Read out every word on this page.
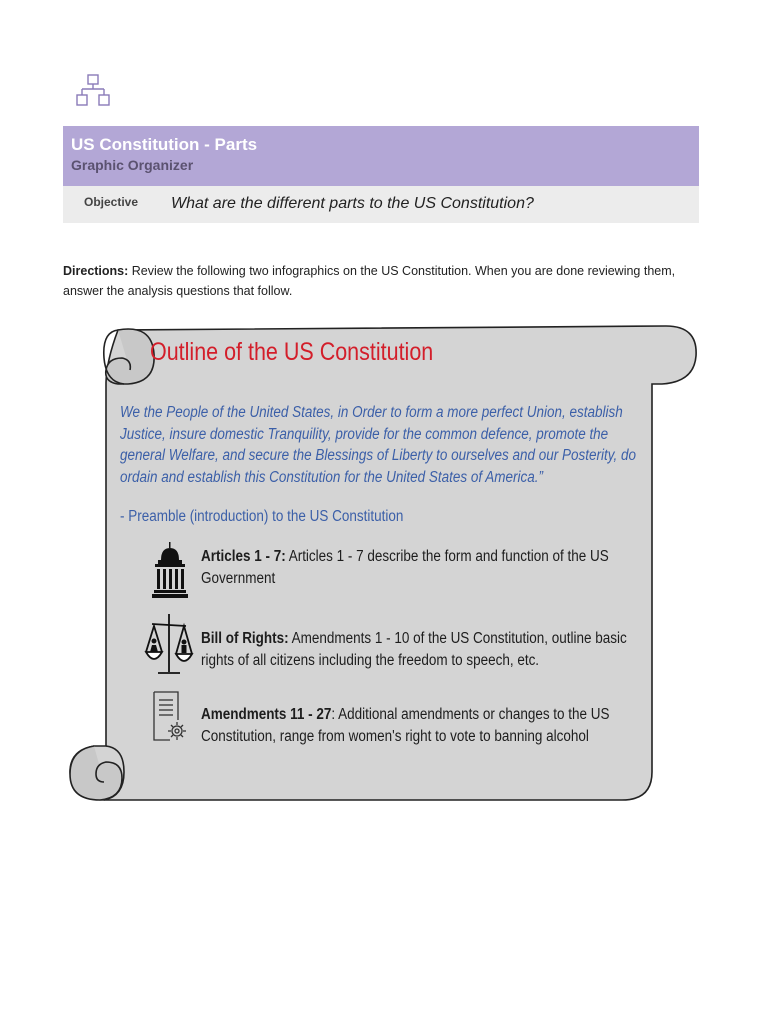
US Constitution - Parts
Graphic Organizer
Objective What are the different parts to the US Constitution?
Directions: Review the following two infographics on the US Constitution. When you are done reviewing them, answer the analysis questions that follow.
Outline of the US Constitution
We the People of the United States, in Order to form a more perfect Union, establish Justice, insure domestic Tranquility, provide for the common defence, promote the general Welfare, and secure the Blessings of Liberty to ourselves and our Posterity, do ordain and establish this Constitution for the United States of America.”
- Preamble (introduction) to the US Constitution
Articles 1 - 7: Articles 1 - 7 describe the form and function of the US Government
Bill of Rights: Amendments 1 - 10 of the US Constitution, outline basic rights of all citizens including the freedom to speech, etc.
Amendments 11 - 27: Additional amendments or changes to the US Constitution, range from women's right to vote to banning alcohol
